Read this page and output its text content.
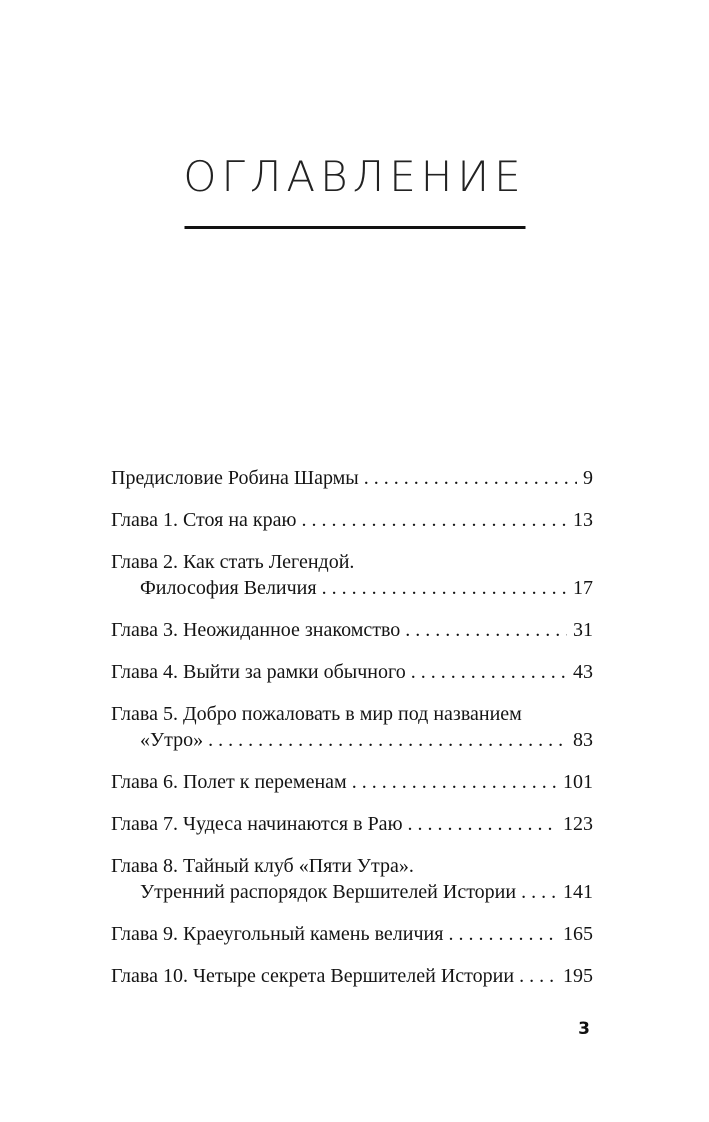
ОГЛАВЛЕНИЕ
Предисловие Робина Шармы . . .	9
Глава 1. Стоя на краю . . .	13
Глава 2. Как стать Легендой.
Философия Величия . . .	17
Глава 3. Неожиданное знакомство . . .	31
Глава 4. Выйти за рамки обычного . . .	43
Глава 5. Добро пожаловать в мир под названием
«Утро» . . .	83
Глава 6. Полет к переменам . . .	101
Глава 7. Чудеса начинаются в Раю . . .	123
Глава 8. Тайный клуб «Пяти Утра».
Утренний распорядок Вершителей Истории . . . 141
Глава 9. Краеугольный камень величия . . .	165
Глава 10. Четыре секрета Вершителей Истории . . . 195
3
